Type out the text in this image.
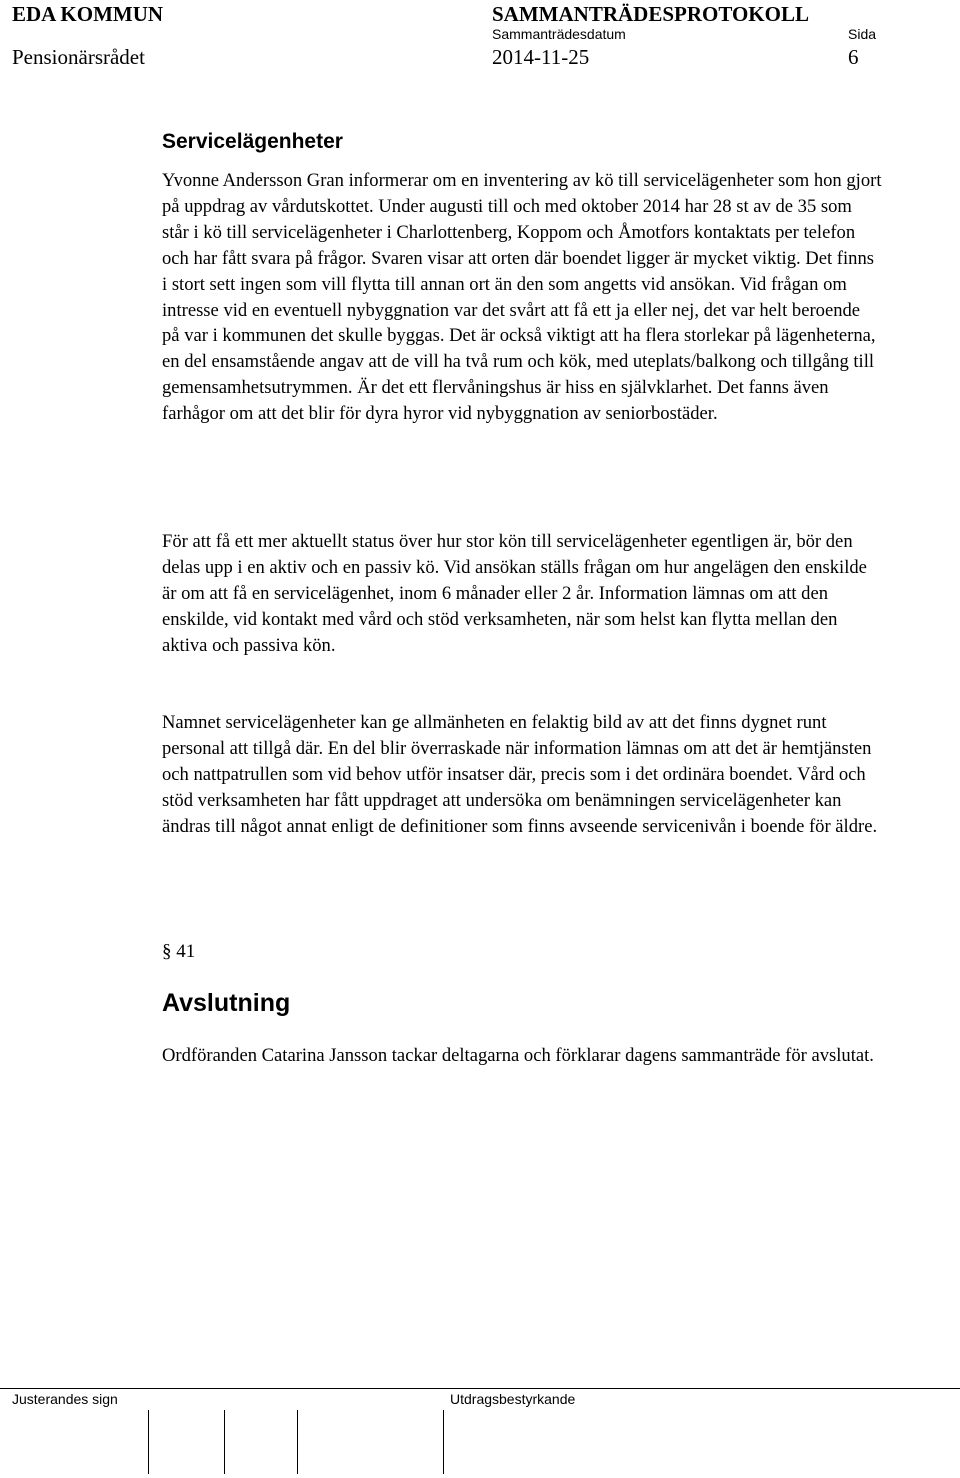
EDA KOMMUN	SAMMANTRÄDESPROTOKOLL
Sammanträdesdatum	Sida
Pensionärsrådet	2014-11-25	6
Servicelägenheter
Yvonne Andersson Gran informerar om en inventering av kö till servicelägenheter som hon gjort på uppdrag av vårdutskottet. Under augusti till och med oktober 2014 har 28 st av de 35 som står i kö till servicelägenheter i Charlottenberg, Koppom och Åmotfors kontaktats per telefon och har fått svara på frågor. Svaren visar att orten där boendet ligger är mycket viktig. Det finns i stort sett ingen som vill flytta till annan ort än den som angetts vid ansökan. Vid frågan om intresse vid en eventuell nybyggnation var det svårt att få ett ja eller nej, det var helt beroende på var i kommunen det skulle byggas. Det är också viktigt att ha flera storlekar på lägenheterna, en del ensamstående angav att de vill ha två rum och kök, med uteplats/balkong och tillgång till gemensamhetsutrymmen. Är det ett flervåningshus är hiss en självklarhet. Det fanns även farhågor om att det blir för dyra hyror vid nybyggnation av seniorbostäder.
För att få ett mer aktuellt status över hur stor kön till servicelägenheter egentligen är, bör den delas upp i en aktiv och en passiv kö. Vid ansökan ställs frågan om hur angelägen den enskilde är om att få en servicelägenhet, inom 6 månader eller 2 år. Information lämnas om att den enskilde, vid kontakt med vård och stöd verksamheten, när som helst kan flytta mellan den aktiva och passiva kön.
Namnet servicelägenheter kan ge allmänheten en felaktig bild av att det finns dygnet runt personal att tillgå där. En del blir överraskade när information lämnas om att det är hemtjänsten och nattpatrullen som vid behov utför insatser där, precis som i det ordinära boendet. Vård och stöd verksamheten har fått uppdraget att undersöka om benämningen servicelägenheter kan ändras till något annat enligt de definitioner som finns avseende servicenivån i boende för äldre.
§ 41
Avslutning
Ordföranden Catarina Jansson tackar deltagarna och förklarar dagens sammanträde för avslutat.
Justerandes sign	Utdragsbestyrkande
